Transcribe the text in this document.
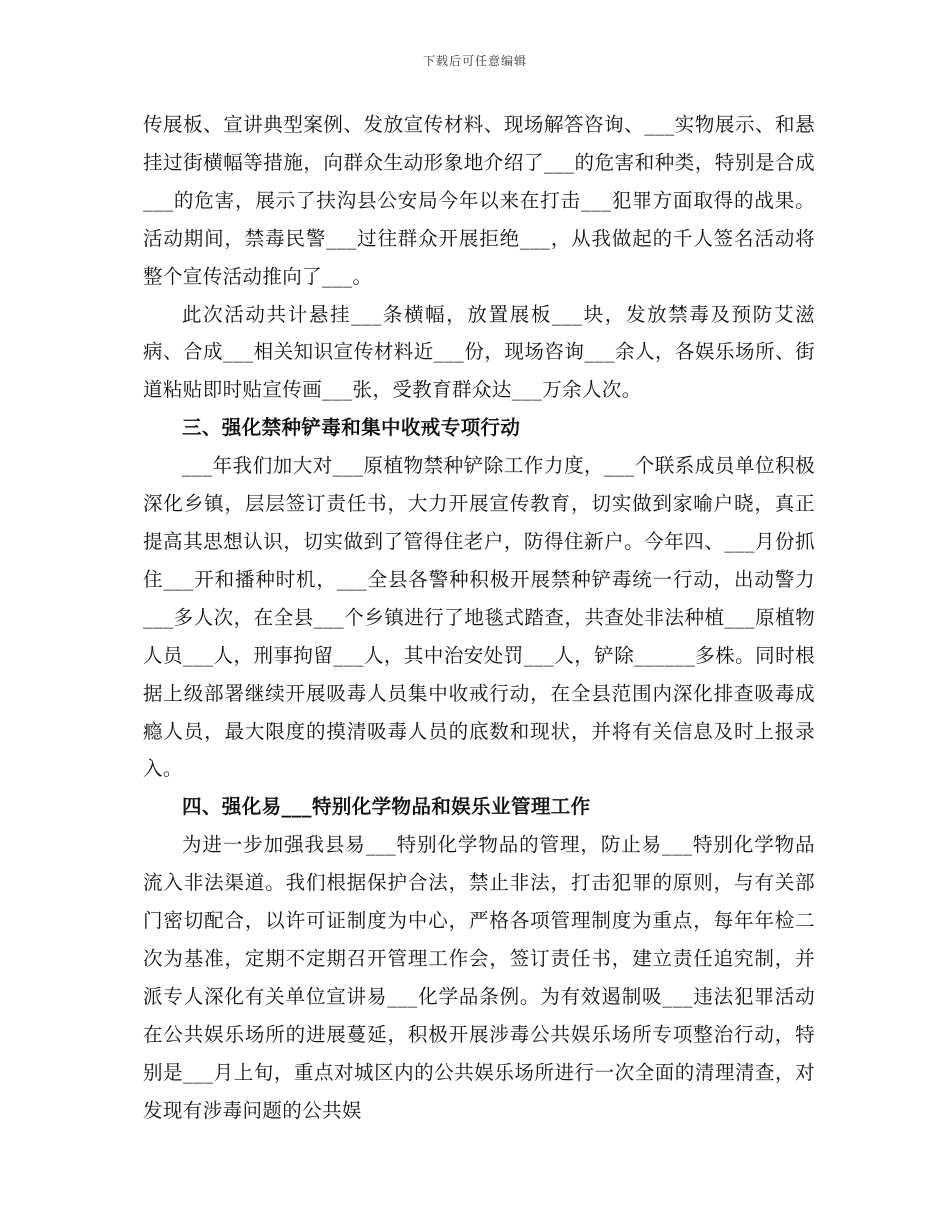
下载后可任意编辑

传展板、宣讲典型案例、发放宣传材料、现场解答咨询、___实物展示、和悬挂过街横幅等措施，向群众生动形象地介绍了___的危害和种类，特别是合成___的危害，展示了扶沟县公安局今年以来在打击___犯罪方面取得的战果。活动期间，禁毒民警___过往群众开展拒绝___，从我做起的千人签名活动将整个宣传活动推向了___。

此次活动共计悬挂___条横幅，放置展板___块，发放禁毒及预防艾滋病、合成___相关知识宣传材料近___份，现场咨询___余人，各娱乐场所、街道粘贴即时贴宣传画___张，受教育群众达___万余人次。

三、强化禁种铲毒和集中收戒专项行动

___年我们加大对___原植物禁种铲除工作力度，___个联系成员单位积极深化乡镇，层层签订责任书，大力开展宣传教育，切实做到家喻户晓，真正提高其思想认识，切实做到了管得住老户，防得住新户。今年四、___月份抓住___开和播种时机，___全县各警种积极开展禁种铲毒统一行动，出动警力___多人次，在全县___个乡镇进行了地毯式踏查，共查处非法种植___原植物人员___人，刑事拘留___人，其中治安处罚___人，铲除______多株。同时根据上级部署继续开展吸毒人员集中收戒行动，在全县范围内深化排查吸毒成瘾人员，最大限度的摸清吸毒人员的底数和现状，并将有关信息及时上报录入。

四、强化易___特别化学物品和娱乐业管理工作

为进一步加强我县易___特别化学物品的管理，防止易___特别化学物品流入非法渠道。我们根据保护合法，禁止非法，打击犯罪的原则，与有关部门密切配合，以许可证制度为中心，严格各项管理制度为重点，每年年检二次为基准，定期不定期召开管理工作会，签订责任书，建立责任追究制，并派专人深化有关单位宣讲易___化学品条例。为有效遏制吸___违法犯罪活动在公共娱乐场所的进展蔓延，积极开展涉毒公共娱乐场所专项整治行动，特别是___月上旬，重点对城区内的公共娱乐场所进行一次全面的清理清查，对发现有涉毒问题的公共娱
